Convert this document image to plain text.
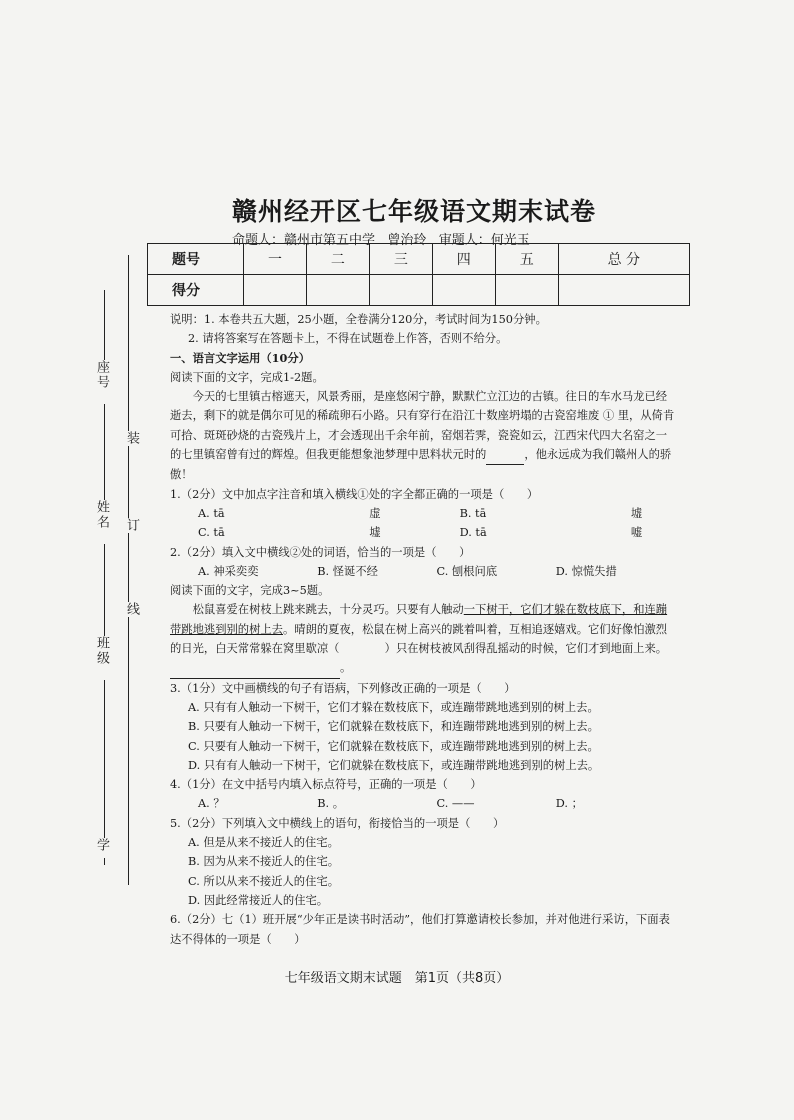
座号
姓名
班级
学
装
订
线
赣州经开区七年级语文期末试卷
命题人：赣州市第五中学   曾治玲   审题人：何光玉
题号	一	二	三	四	五	总 分
得分						

说明：1. 本卷共五大题，25小题，全卷满分120分，考试时间为150分钟。

2. 请将答案写在答题卡上，不得在试题卷上作答，否则不给分。

一、语言文字运用（10分）

阅读下面的文字，完成1-2题。

今天的七里镇古榕遮天，风景秀丽，是座悠闲宁静，默默伫立江边的古镇。往日的车水马龙已经逝去，剩下的就是偶尔可见的稀疏卵石小路。只有穿行在沿江十数座坍塌的古瓷窑堆废 ① 里，从倚肯可拾、斑斑砂烧的古瓷残片上，才会透现出千余年前，窑烟若霁，瓷瓷如云，江西宋代四大名窑之一的七里镇窑曾有过的辉煌。但我更能想象池梦理中思料状元时的	，他永远成为我们赣州人的骄傲！

1.（2分）文中加点字注音和填入横线①处的字全都正确的一项是（　　）

A. tā	虚	B. tā	墟
C. tā	墟	D. tā	嘘

2.（2分）填入文中横线②处的词语，恰当的一项是（　　）

A. 神采奕奕	B. 怪诞不经	C. 刨根问底	D. 惊慌失措

阅读下面的文字，完成3~5题。

松鼠喜爱在树枝上跳来跳去，十分灵巧。只要有人触动一下树干，它们才躲在数枝底下，和连蹦带跳地逃到别的树上去。晴朗的夏夜，松鼠在树上高兴的跳着叫着，互相追逐嬉戏。它们好像怕激烈的日光，白天常常躲在窝里歇凉（　　　　）只在树枝被风刮得乱摇动的时候，它们才到地面上来。 。

3.（1分）文中画横线的句子有语病，下列修改正确的一项是（　　）

A. 只有有人触动一下树干，它们才躲在数枝底下，或连蹦带跳地逃到别的树上去。

B. 只要有人触动一下树干，它们就躲在数枝底下，和连蹦带跳地逃到别的树上去。

C. 只要有人触动一下树干，它们就躲在数枝底下，或连蹦带跳地逃到别的树上去。

D. 只有有人触动一下树干，它们就躲在数枝底下，或连蹦带跳地逃到别的树上去。

4.（1分）在文中括号内填入标点符号，正确的一项是（　　）

A. ？	B. 。	C. ——	D. ；

5.（2分）下列填入文中横线上的语句，衔接恰当的一项是（　　）

A. 但是从来不接近人的住宅。

B. 因为从来不接近人的住宅。

C. 所以从来不接近人的住宅。

D. 因此经常接近人的住宅。

6.（2分）七（1）班开展“少年正是读书时活动”，他们打算邀请校长参加，并对他进行采访，下面表达不得体的一项是（　　）

七年级语文期末试题　第1页（共8页）
